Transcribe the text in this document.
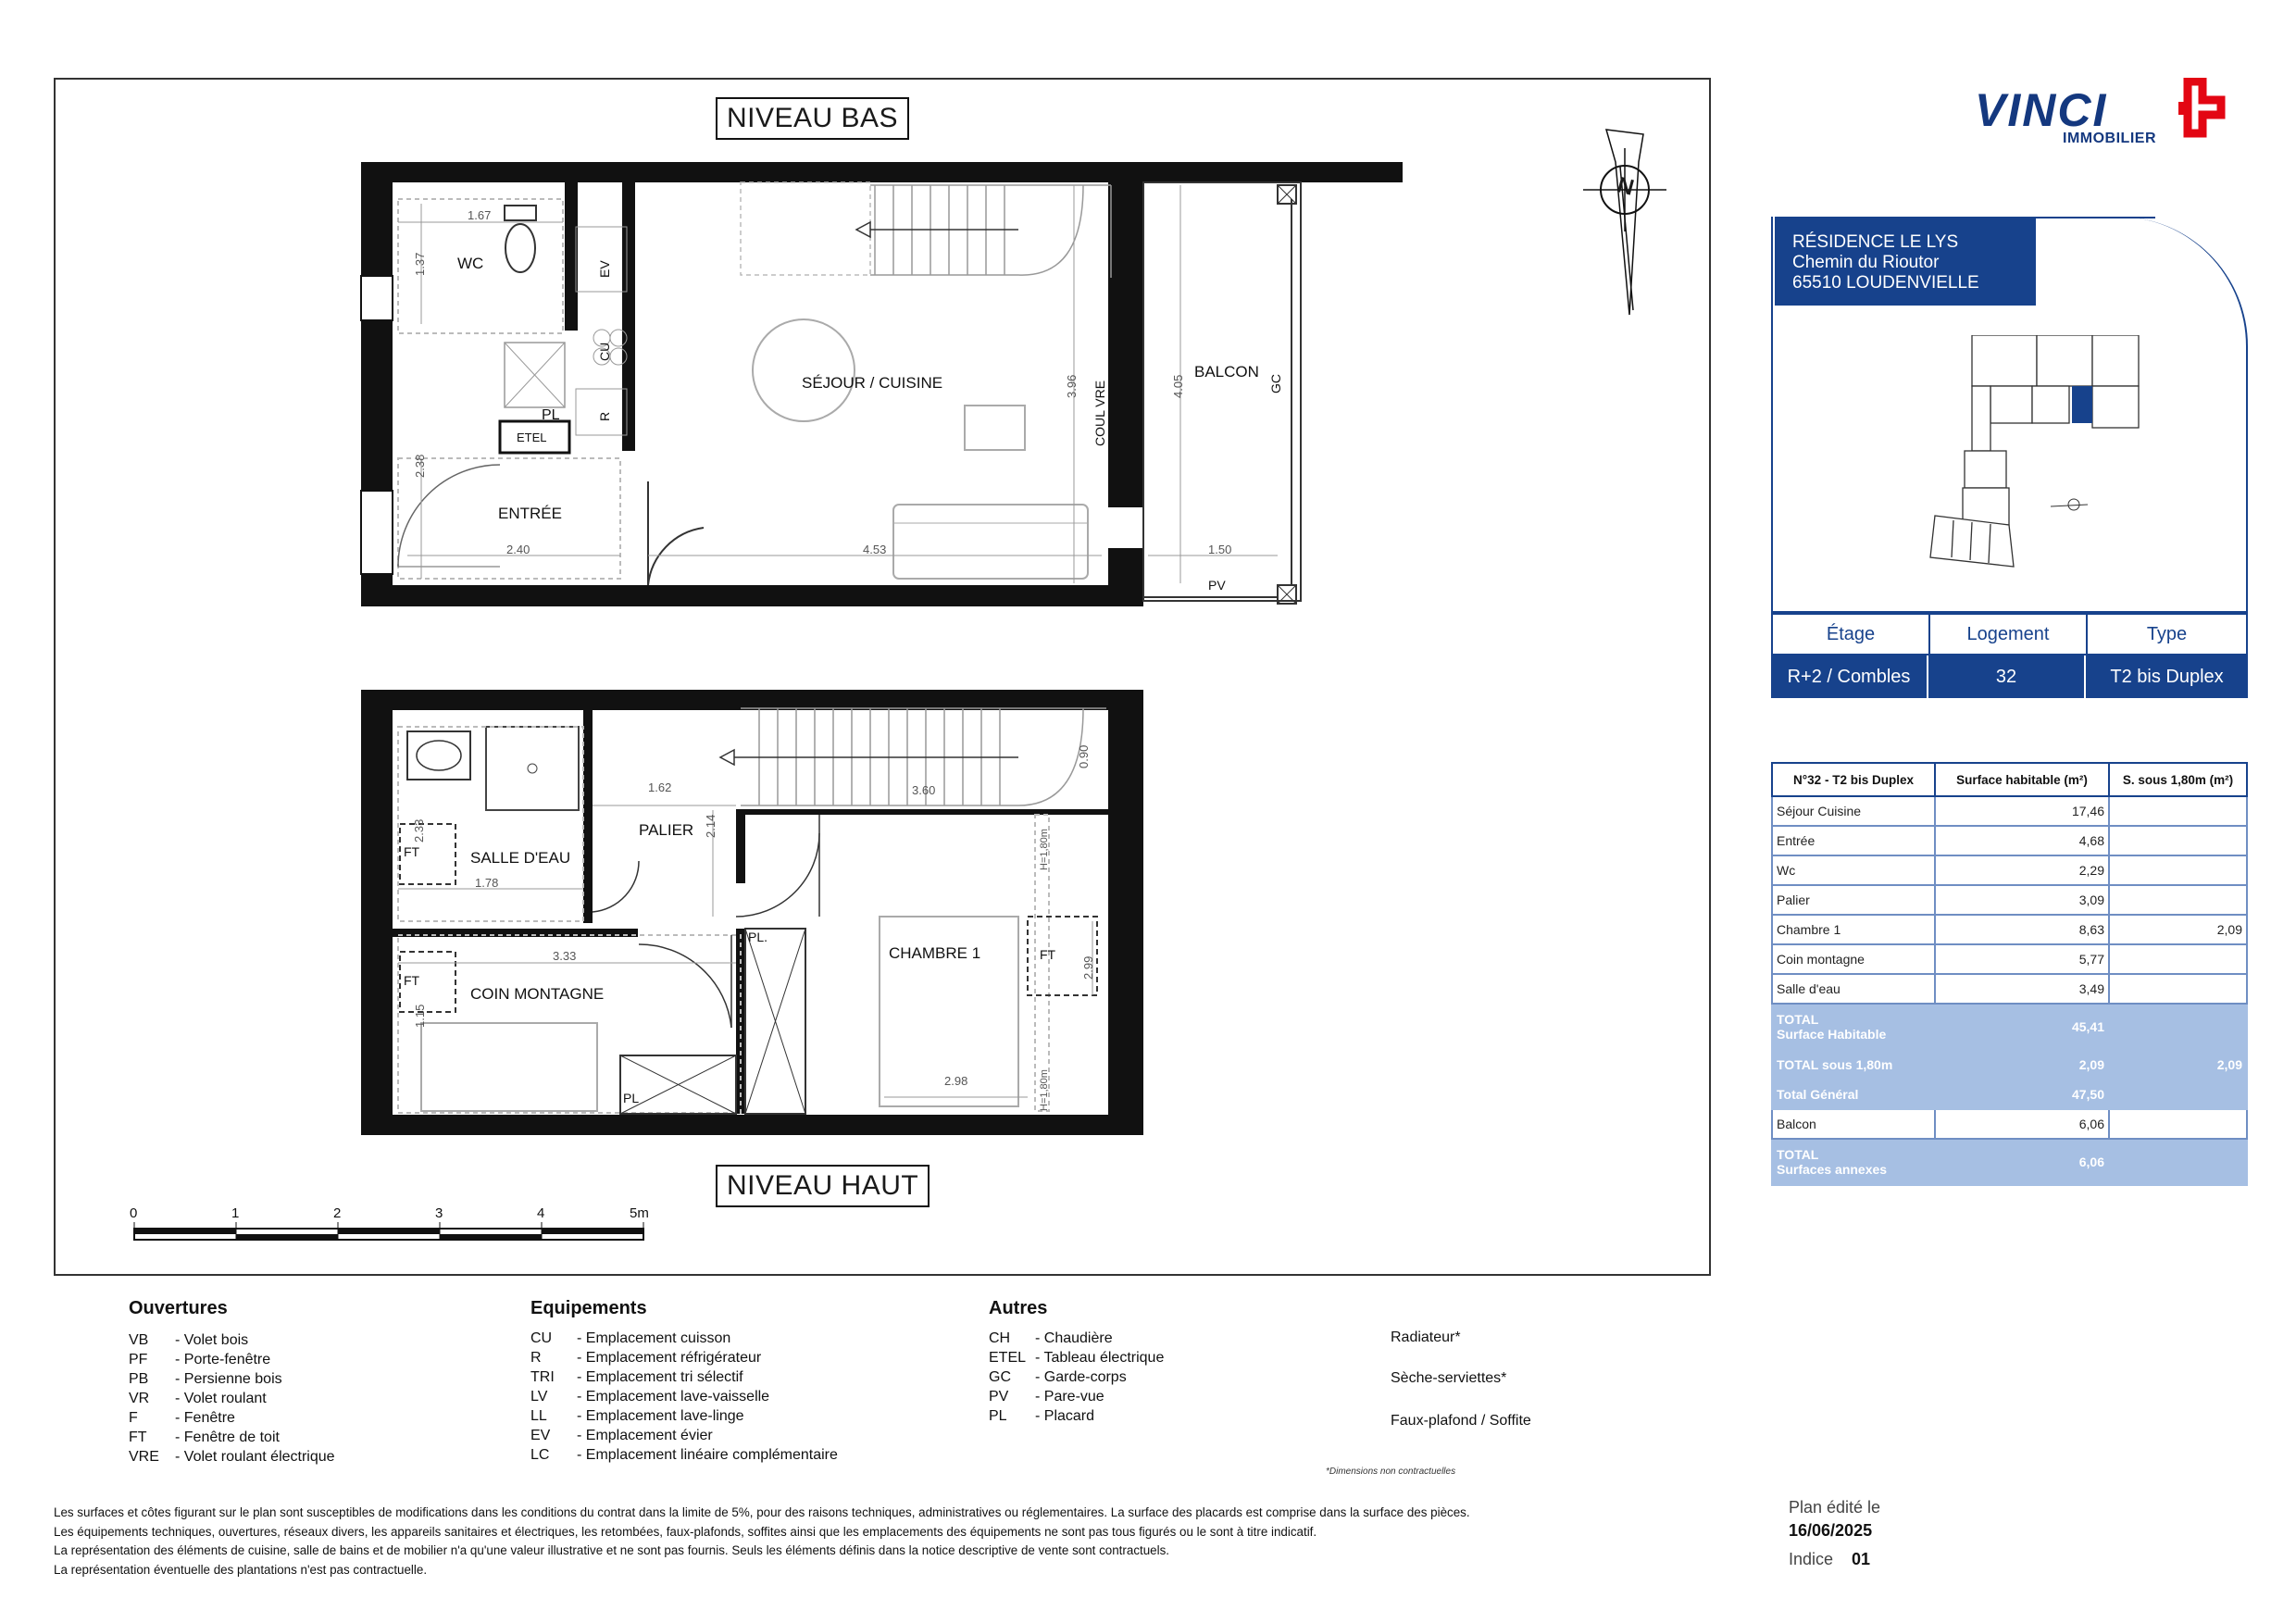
NIVEAU BAS
NIVEAU HAUT
WC
SÉJOUR / CUISINE
ENTRÉE
BALCON
PL
ETEL
EV
CU
R	COUL VRE	GC
PV
1.67
1.37
2.38
2.40	4.53
3.96	4.05
1.50
SALLE D'EAU
PALIER
CHAMBRE 1
COIN MONTAGNE
FT
FT
FT
PL.
PL
H=1,80m
H=1,80m
1.62	3.60
0.90
2.14
2.33
1.78
3.33
2.99
2.98
1.15
N
0	1	2	3	4	5m
Ouvertures
VB	- Volet bois
PF	- Porte-fenêtre
PB	- Persienne bois
VR	- Volet roulant
F	- Fenêtre
FT	- Fenêtre de toit
VRE	- Volet roulant électrique
Equipements
CU	- Emplacement cuisson
R	- Emplacement réfrigérateur
TRI	- Emplacement tri sélectif
LV	- Emplacement lave-vaisselle
LL	- Emplacement lave-linge
EV	- Emplacement évier
LC	- Emplacement linéaire complémentaire
Autres
CH	- Chaudière
ETEL - Tableau électrique
GC	- Garde-corps
PV	- Pare-vue
PL	- Placard
Radiateur*
Sèche-serviettes*
Faux-plafond / Soffite
*Dimensions non contractuelles
Les surfaces et côtes figurant sur le plan sont susceptibles de modifications dans les conditions du contrat dans la limite de 5%, pour des raisons techniques, administratives ou réglementaires. La surface des placards est comprise dans la surface des pièces.
Les équipements techniques, ouvertures, réseaux divers, les appareils sanitaires et électriques, les retombées, faux-plafonds, soffites ainsi que les emplacements des équipements ne sont pas tous figurés ou le sont à titre indicatif.
La représentation des éléments de cuisine, salle de bains et de mobilier n'a qu'une valeur illustrative et ne sont pas fournis. Seuls les éléments définis dans la notice descriptive de vente sont contractuels.
La représentation éventuelle des plantations n'est pas contractuelle.
Plan édité le
16/06/2025
Indice 01
VINCI
IMMOBILIER
RÉSIDENCE LE LYS
Chemin du Rioutor
65510 LOUDENVIELLE
Étage	Logement	Type
R+2 / Combles	32	T2 bis Duplex
N°32 - T2 bis Duplex	Surface habitable (m²)	S. sous 1,80m (m²)
Séjour Cuisine	17,46	
Entrée	4,68	
Wc	2,29	
Palier	3,09	
Chambre 1	8,63	2,09
Coin montagne	5,77	
Salle d'eau	3,49	

TOTAL
Surface Habitable	45,41	
TOTAL sous 1,80m	2,09	2,09
Total Général	47,50	
Balcon	6,06	

TOTAL
Surfaces annexes	6,06	
